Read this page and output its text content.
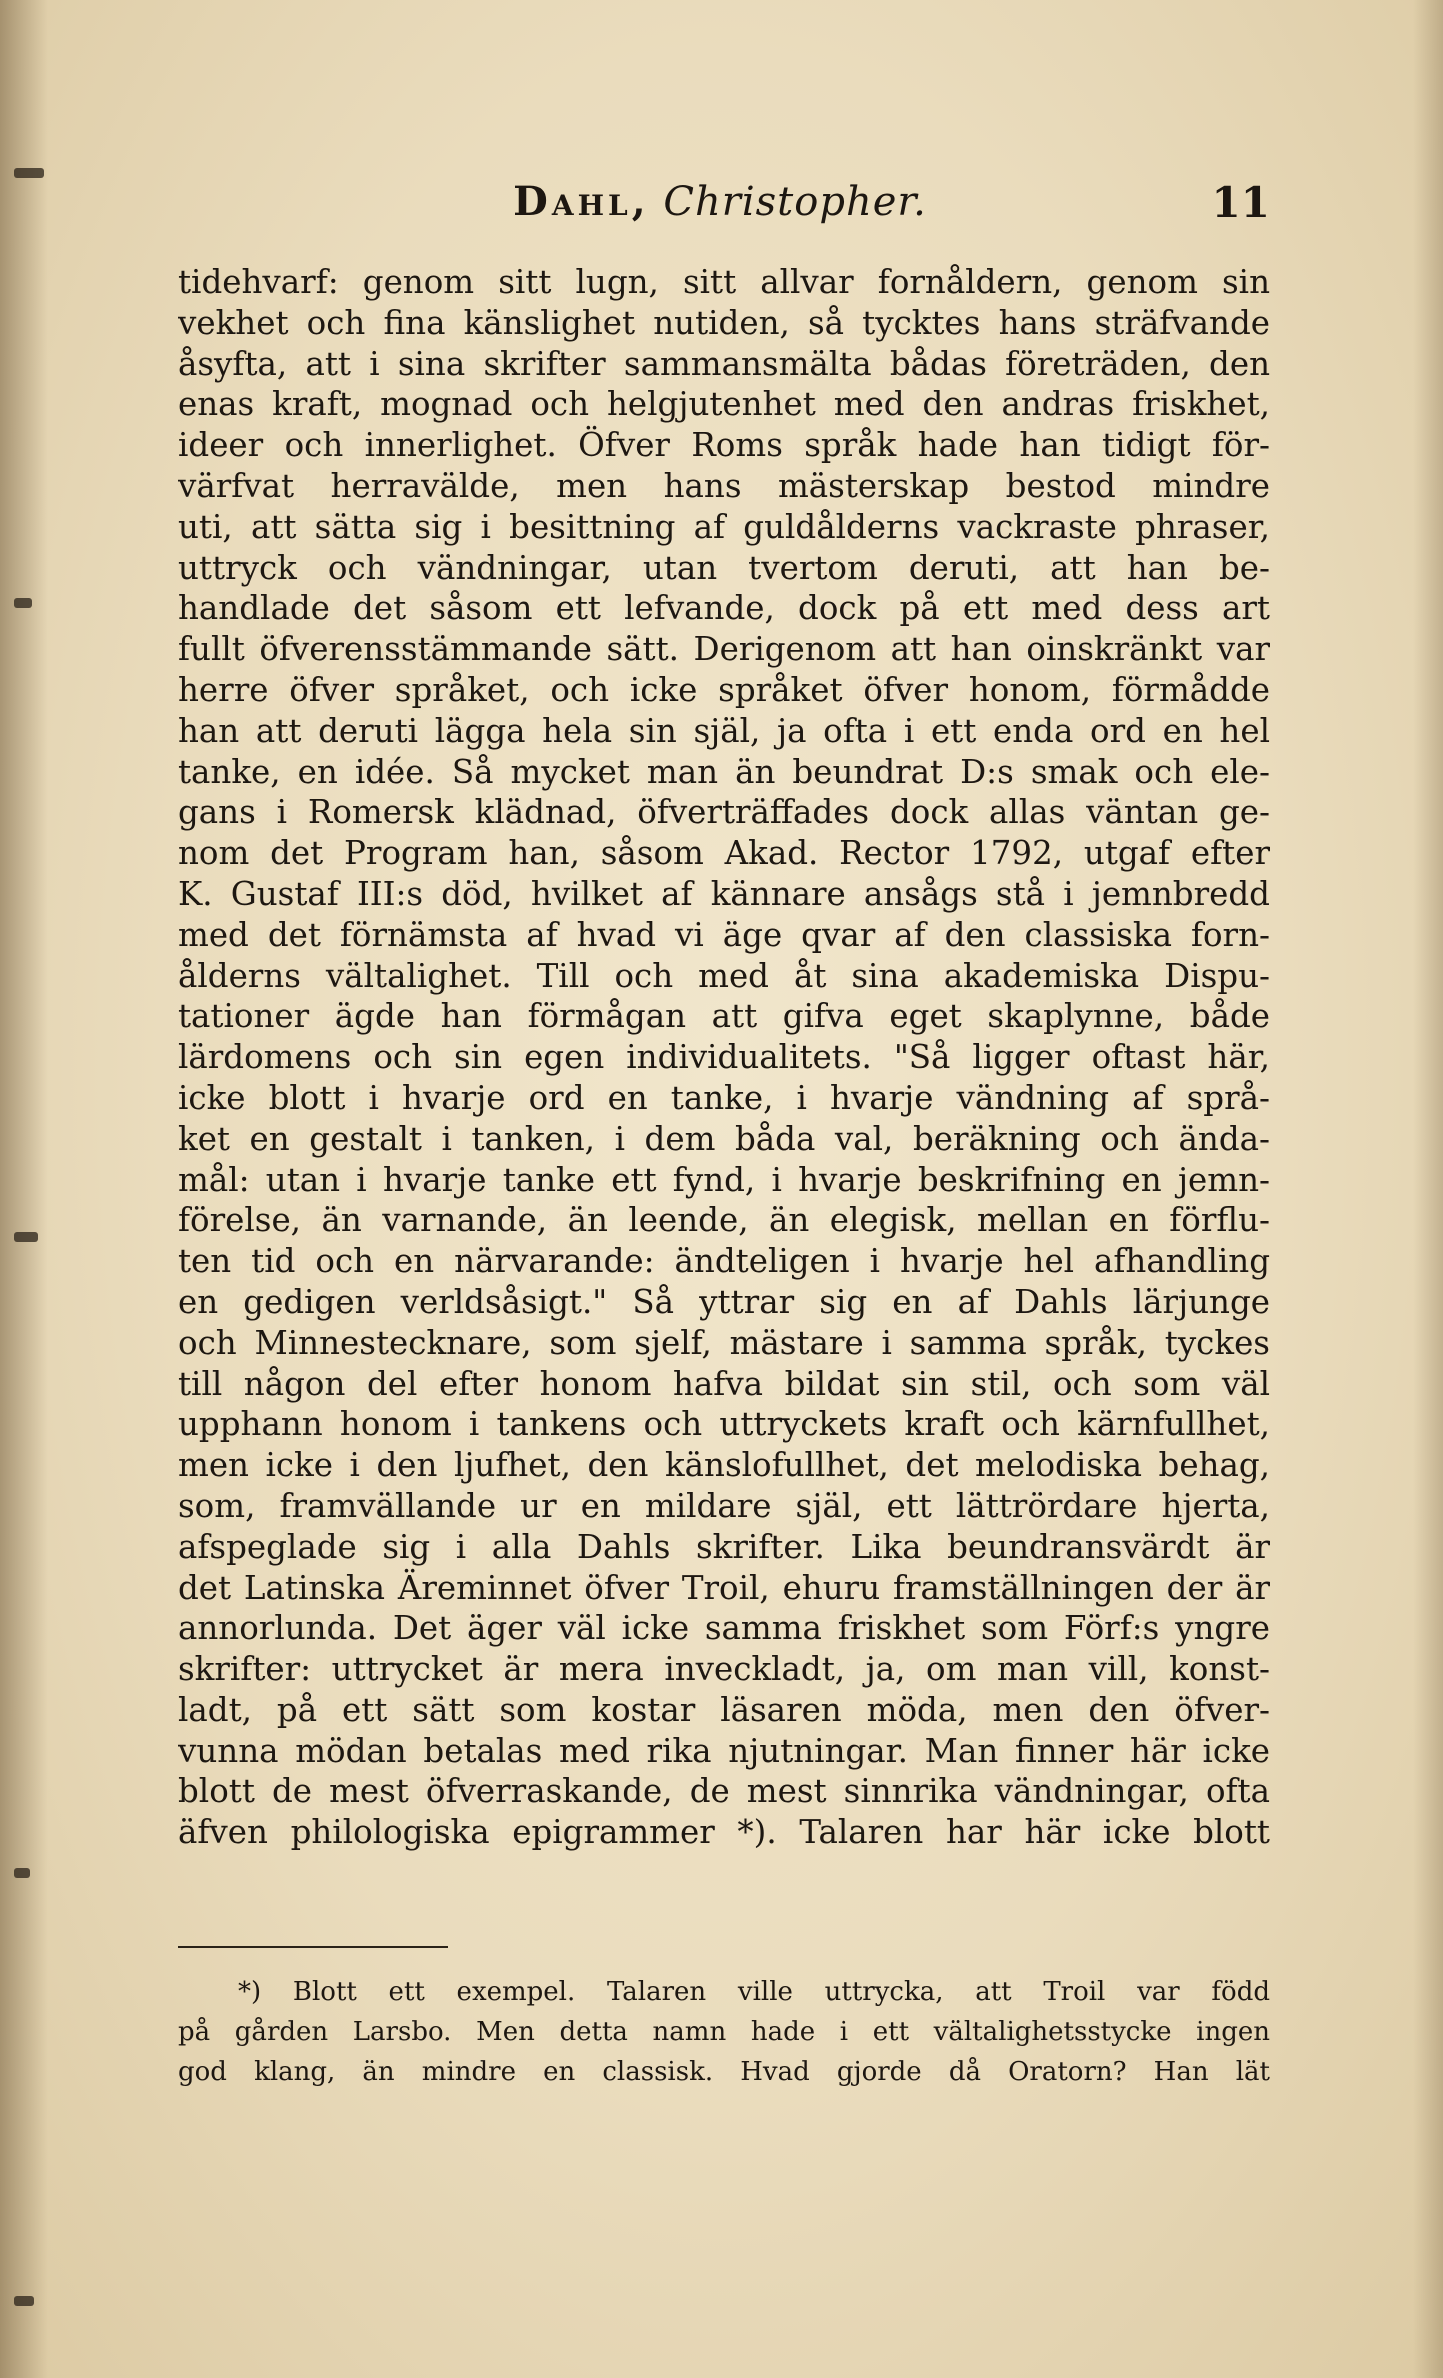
Dahl, Christopher.	11
tidehvarf: genom sitt lugn, sitt allvar fornåldern, genom sin
vekhet och fina känslighet nutiden, så tycktes hans sträfvande
åsyfta, att i sina skrifter sammansmälta bådas företräden, den
enas kraft, mognad och helgjutenhet med den andras friskhet,
ideer och innerlighet. Öfver Roms språk hade han tidigt för-
värfvat herravälde, men hans mästerskap bestod mindre
uti, att sätta sig i besittning af guldålderns vackraste phraser,
uttryck och vändningar, utan tvertom deruti, att han be-
handlade det såsom ett lefvande, dock på ett med dess art
fullt öfverensstämmande sätt. Derigenom att han oinskränkt var
herre öfver språket, och icke språket öfver honom, förmådde
han att deruti lägga hela sin själ, ja ofta i ett enda ord en hel
tanke, en idée. Så mycket man än beundrat D:s smak och ele-
gans i Romersk klädnad, öfverträffades dock allas väntan ge-
nom det Program han, såsom Akad. Rector 1792, utgaf efter
K. Gustaf III:s död, hvilket af kännare ansågs stå i jemnbredd
med det förnämsta af hvad vi äge qvar af den classiska forn-
ålderns vältalighet. Till och med åt sina akademiska Dispu-
tationer ägde han förmågan att gifva eget skaplynne, både
lärdomens och sin egen individualitets. "Så ligger oftast här,
icke blott i hvarje ord en tanke, i hvarje vändning af språ-
ket en gestalt i tanken, i dem båda val, beräkning och ända-
mål: utan i hvarje tanke ett fynd, i hvarje beskrifning en jemn-
förelse, än varnande, än leende, än elegisk, mellan en förflu-
ten tid och en närvarande: ändteligen i hvarje hel afhandling
en gedigen verldsåsigt." Så yttrar sig en af Dahls lärjunge
och Minnestecknare, som sjelf, mästare i samma språk, tyckes
till någon del efter honom hafva bildat sin stil, och som väl
upphann honom i tankens och uttryckets kraft och kärnfullhet,
men icke i den ljufhet, den känslofullhet, det melodiska behag,
som, framvällande ur en mildare själ, ett lättrördare hjerta,
afspeglade sig i alla Dahls skrifter. Lika beundransvärdt är
det Latinska Äreminnet öfver Troil, ehuru framställningen der är
annorlunda. Det äger väl icke samma friskhet som Förf:s yngre
skrifter: uttrycket är mera inveckladt, ja, om man vill, konst-
ladt, på ett sätt som kostar läsaren möda, men den öfver-
vunna mödan betalas med rika njutningar. Man finner här icke
blott de mest öfverraskande, de mest sinnrika vändningar, ofta
äfven philologiska epigrammer *). Talaren har här icke blott
*) Blott ett exempel. Talaren ville uttrycka, att Troil var född
på gården Larsbo. Men detta namn hade i ett vältalighetsstycke ingen
god klang, än mindre en classisk. Hvad gjorde då Oratorn? Han lät
